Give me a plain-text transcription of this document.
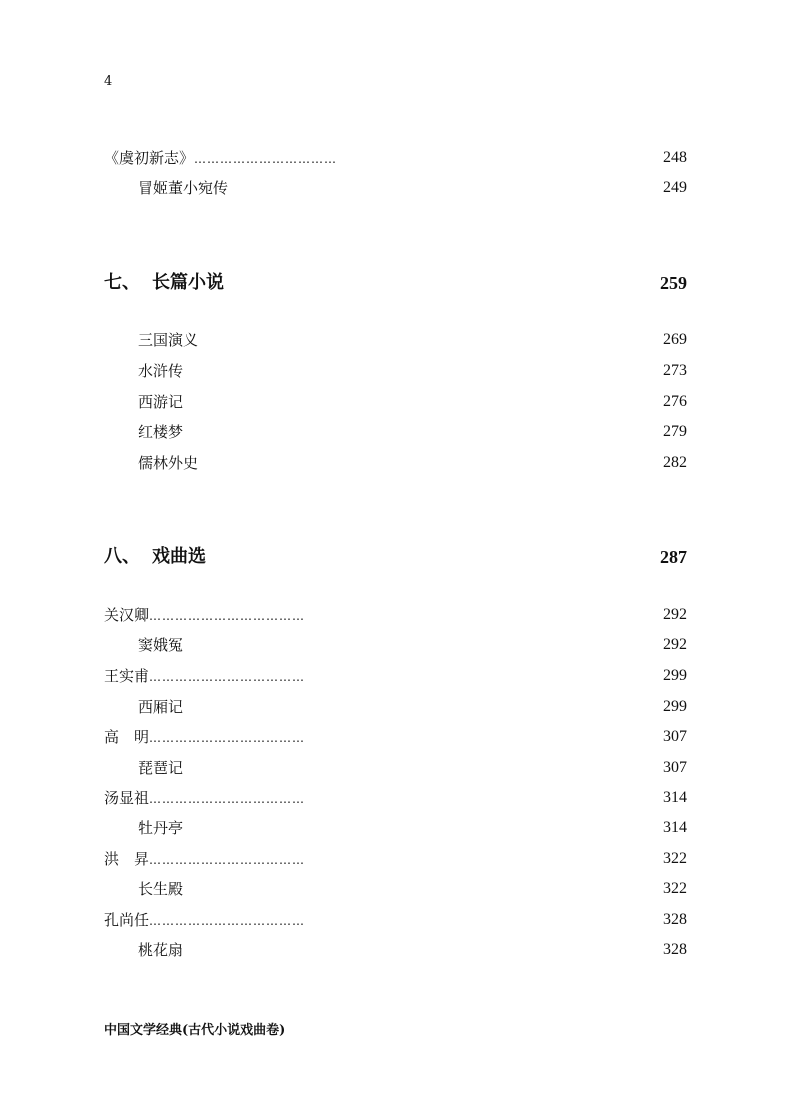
4
《虞初新志》……………………………	248
冒姬董小宛传	249
七、 长篇小说	259
三国演义	269
水浒传	273
西游记	276
红楼梦	279
儒林外史	282
八、 戏曲选	287
关汉卿………………………………	292
窦娥冤	292
王实甫………………………………	299
西厢记	299
高　明………………………………	307
琵琶记	307
汤显祖………………………………	314
牡丹亭	314
洪　昇………………………………	322
长生殿	322
孔尚任………………………………	328
桃花扇	328
中国文学经典(古代小说戏曲卷)
